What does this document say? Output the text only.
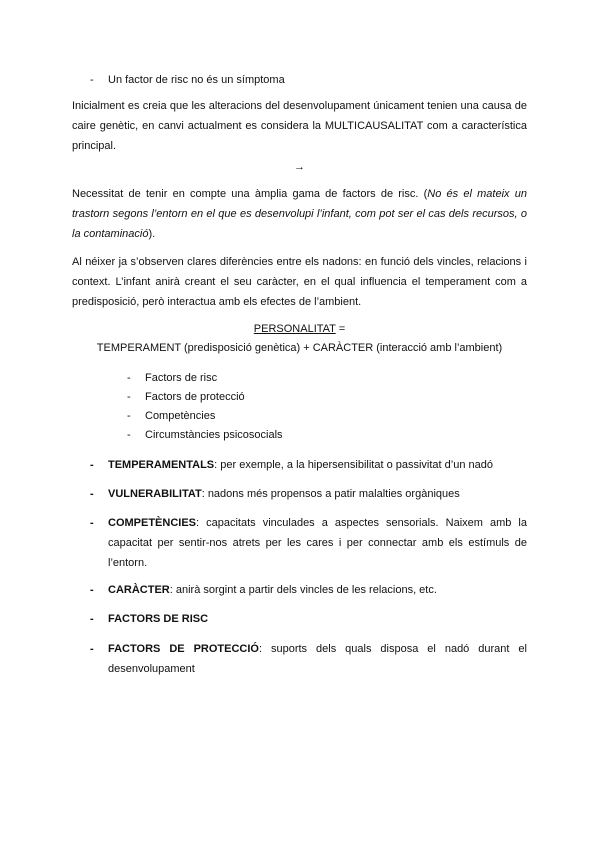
- Un factor de risc no és un símptoma

Inicialment es creia que les alteracions del desenvolupament únicament tenien una causa de caire genètic, en canvi actualment es considera la MULTICAUSALITAT com a característica principal.

→

Necessitat de tenir en compte una àmplia gama de factors de risc. (No és el mateix un trastorn segons l’entorn en el que es desenvolupi l’infant, com pot ser el cas dels recursos, o la contaminació).

Al néixer ja s’observen clares diferències entre els nadons: en funció dels vincles, relacions i context. L’infant anirà creant el seu caràcter, en el qual influencia el temperament com a predisposició, però interactua amb els efectes de l’ambient.

PERSONALITAT =
TEMPERAMENT (predisposició genètica) + CARÀCTER (interacció amb l’ambient)
- Factors de risc
- Factors de protecció
- Competències
- Circumstàncies psicosocials
- TEMPERAMENTALS: per exemple, a la hipersensibilitat o passivitat d’un nadó

- VULNERABILITAT: nadons més propensos a patir malalties orgàniques

- COMPETÈNCIES: capacitats vinculades a aspectes sensorials. Naixem amb la capacitat per sentir-nos atrets per les cares i per connectar amb els estímuls de l’entorn.

- CARÀCTER: anirà sorgint a partir dels vincles de les relacions, etc.

- FACTORS DE RISC

- FACTORS DE PROTECCIÓ: suports dels quals disposa el nadó durant el desenvolupament
